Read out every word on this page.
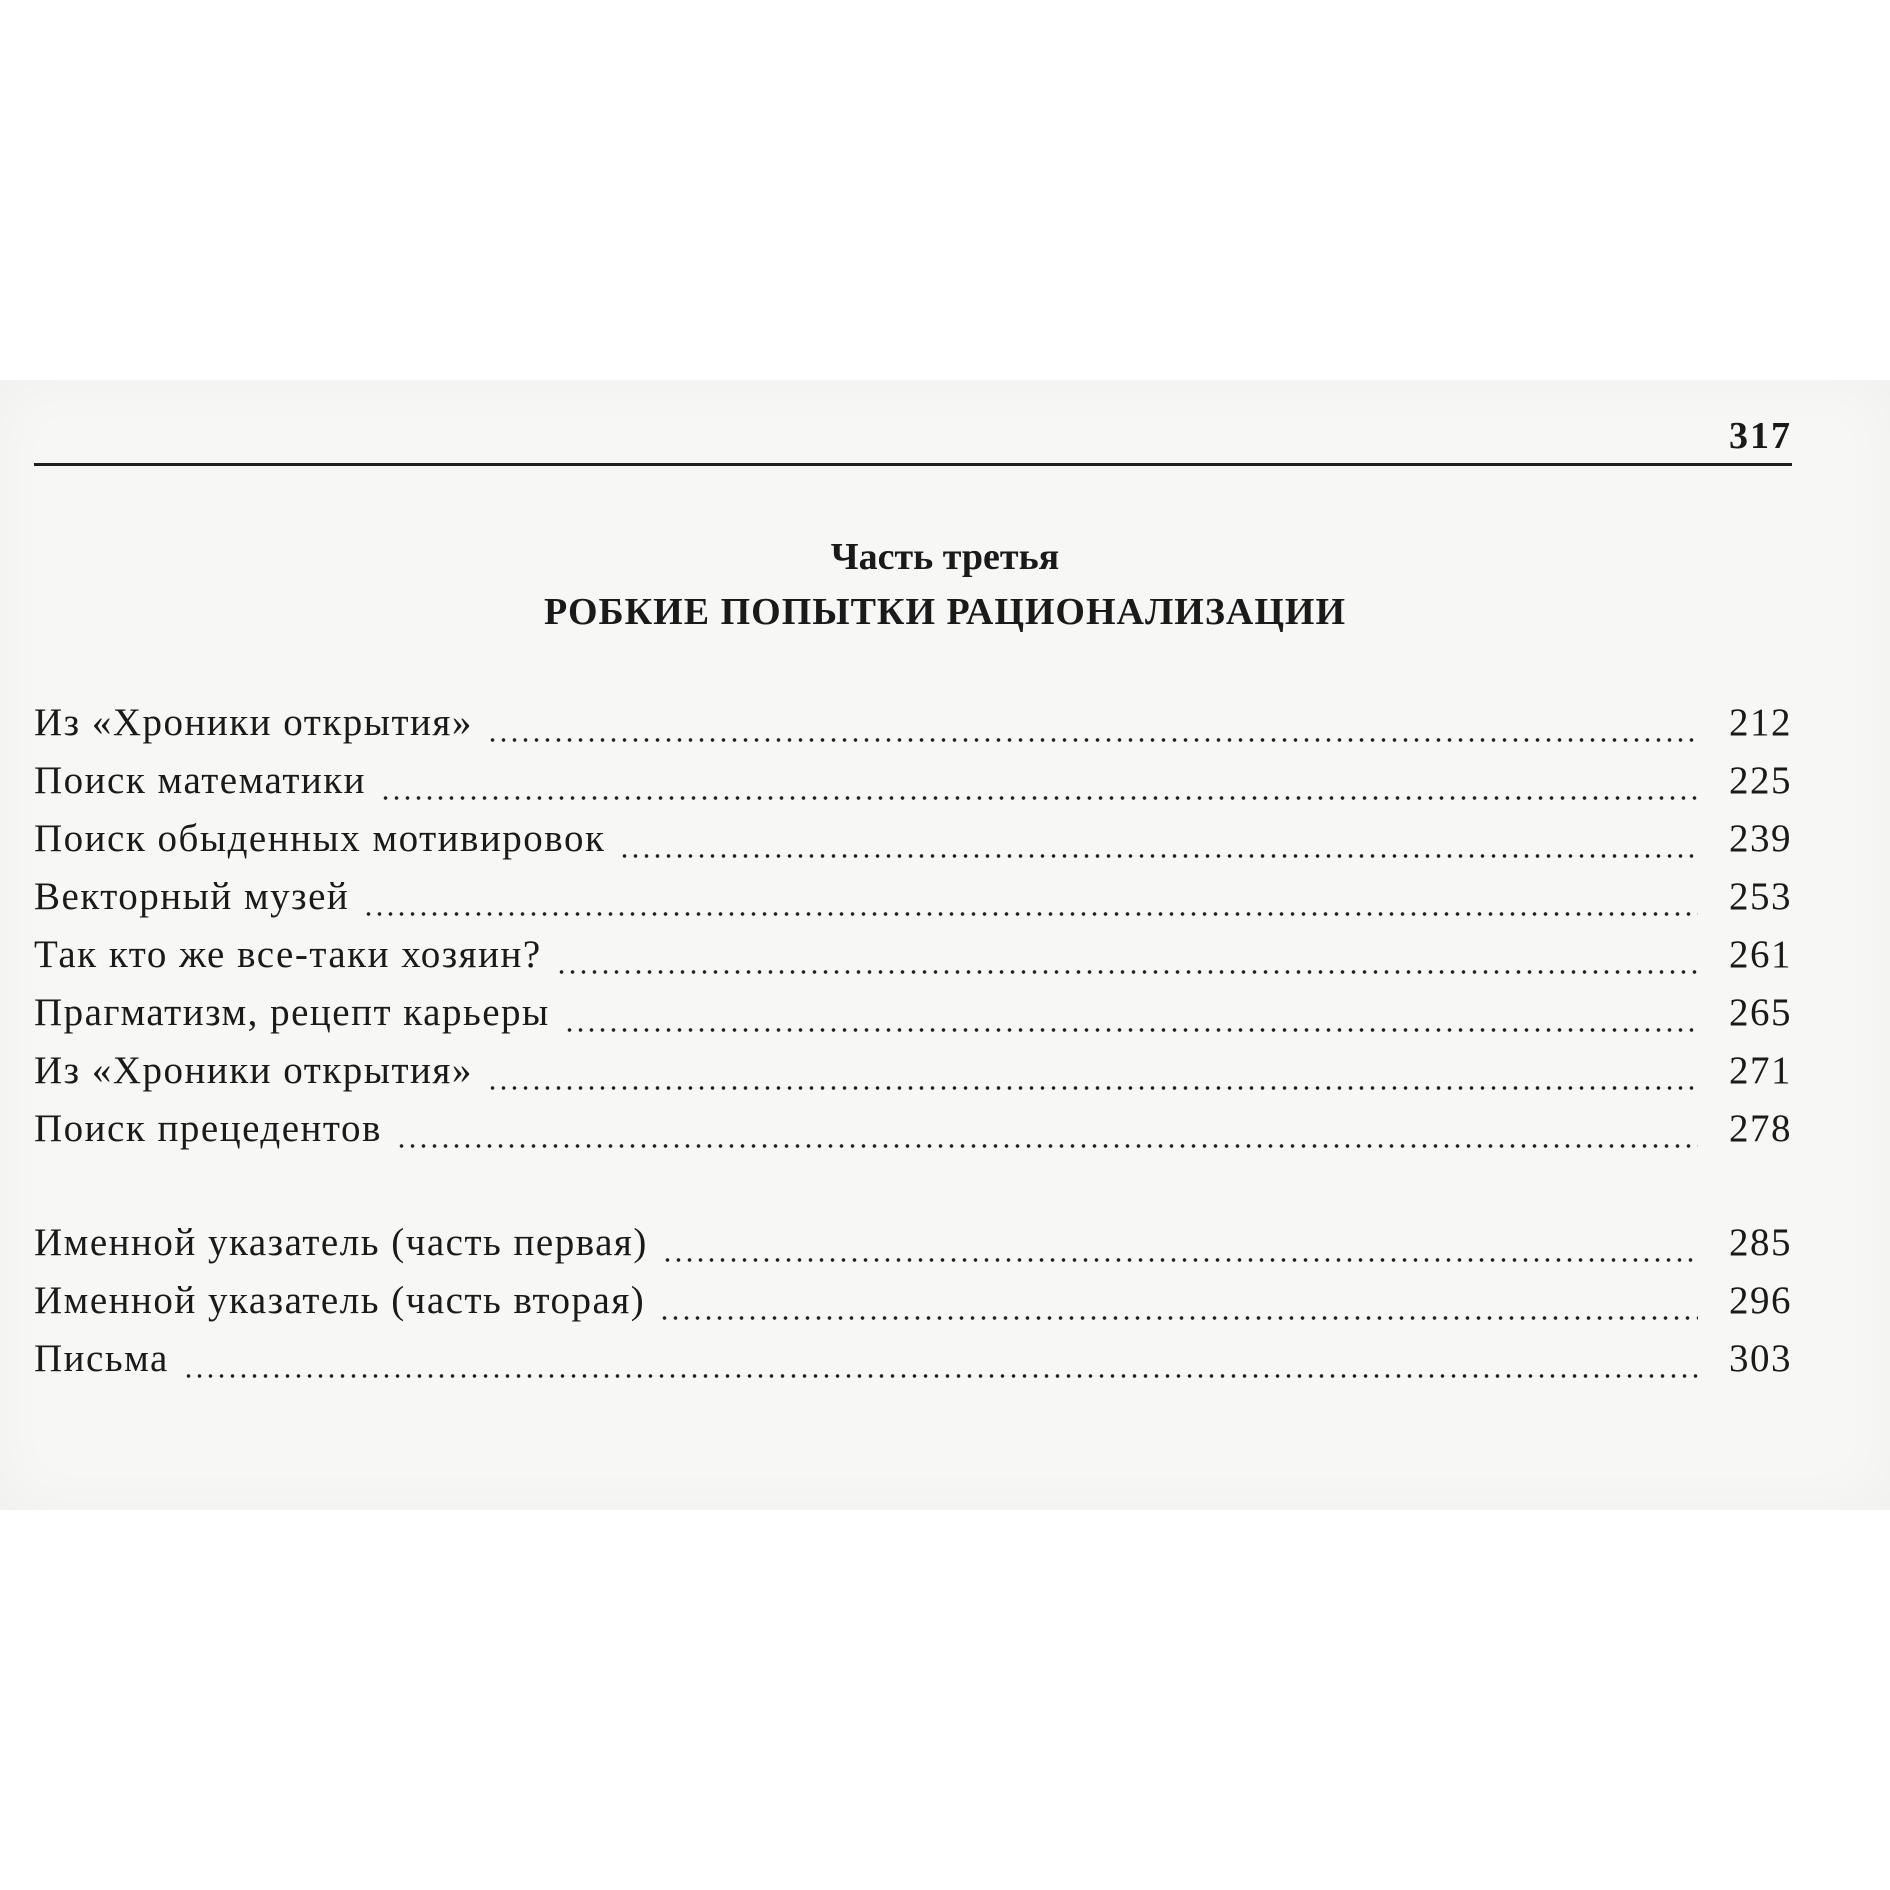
317
Часть третья
РОБКИЕ ПОПЫТКИ РАЦИОНАЛИЗАЦИИ
Из «Хроники открытия»	212
Поиск математики	225
Поиск обыденных мотивировок	239
Векторный музей	253
Так кто же все-таки хозяин?	261
Прагматизм, рецепт карьеры	265
Из «Хроники открытия»	271
Поиск прецедентов	278
Именной указатель (часть первая)	285
Именной указатель (часть вторая)	296
Письма	303
